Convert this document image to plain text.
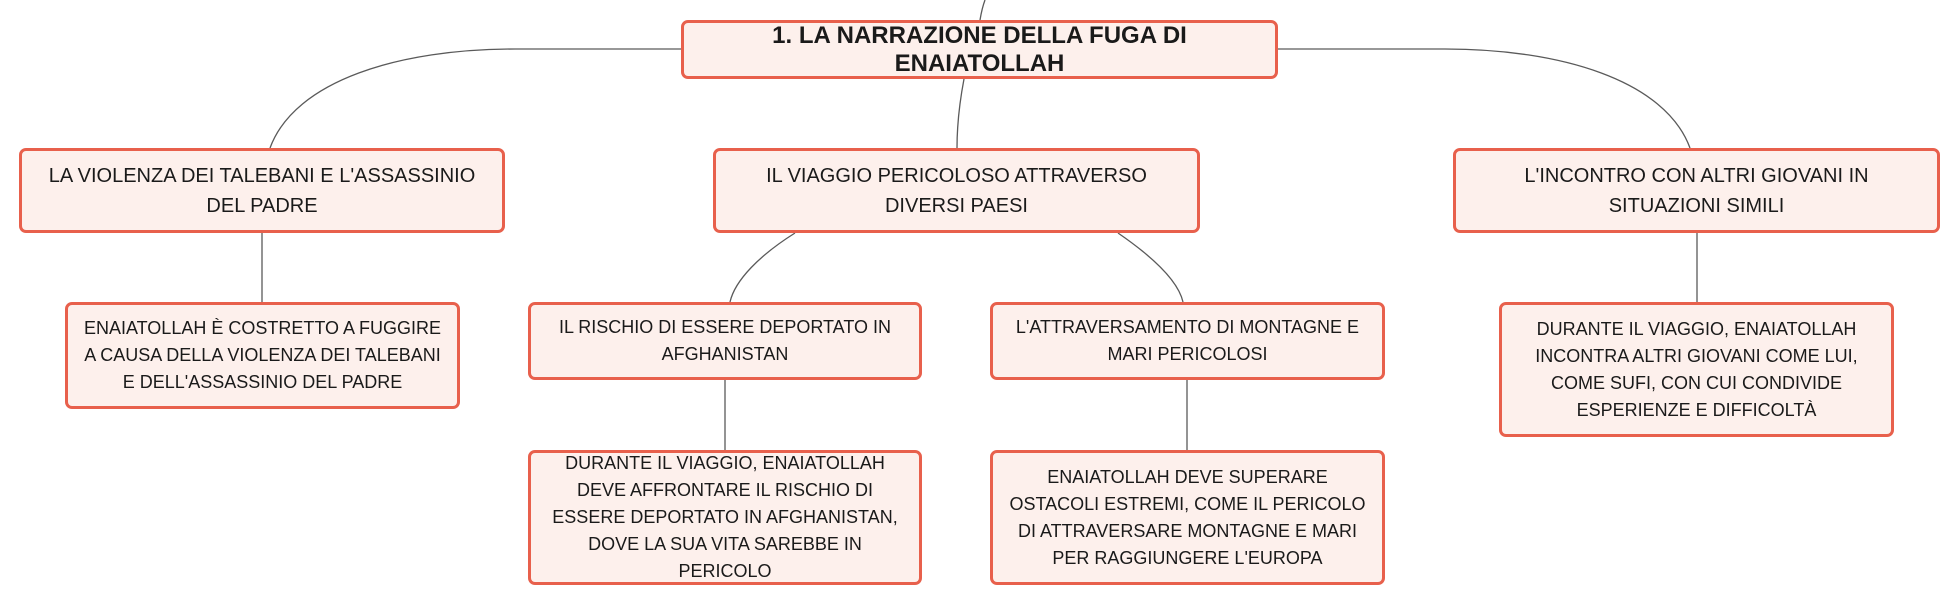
1. LA NARRAZIONE DELLA FUGA DI ENAIATOLLAH
LA VIOLENZA DEI TALEBANI E L'ASSASSINIO DEL PADRE
IL VIAGGIO PERICOLOSO ATTRAVERSO DIVERSI PAESI
L'INCONTRO CON ALTRI GIOVANI IN SITUAZIONI SIMILI
ENAIATOLLAH È COSTRETTO A FUGGIRE A CAUSA DELLA VIOLENZA DEI TALEBANI E DELL'ASSASSINIO DEL PADRE
IL RISCHIO DI ESSERE DEPORTATO IN AFGHANISTAN
L'ATTRAVERSAMENTO DI MONTAGNE E MARI PERICOLOSI
DURANTE IL VIAGGIO, ENAIATOLLAH INCONTRA ALTRI GIOVANI COME LUI, COME SUFI, CON CUI CONDIVIDE ESPERIENZE E DIFFICOLTÀ
DURANTE IL VIAGGIO, ENAIATOLLAH DEVE AFFRONTARE IL RISCHIO DI ESSERE DEPORTATO IN AFGHANISTAN, DOVE LA SUA VITA SAREBBE IN PERICOLO
ENAIATOLLAH DEVE SUPERARE OSTACOLI ESTREMI, COME IL PERICOLO DI ATTRAVERSARE MONTAGNE E MARI PER RAGGIUNGERE L'EUROPA
